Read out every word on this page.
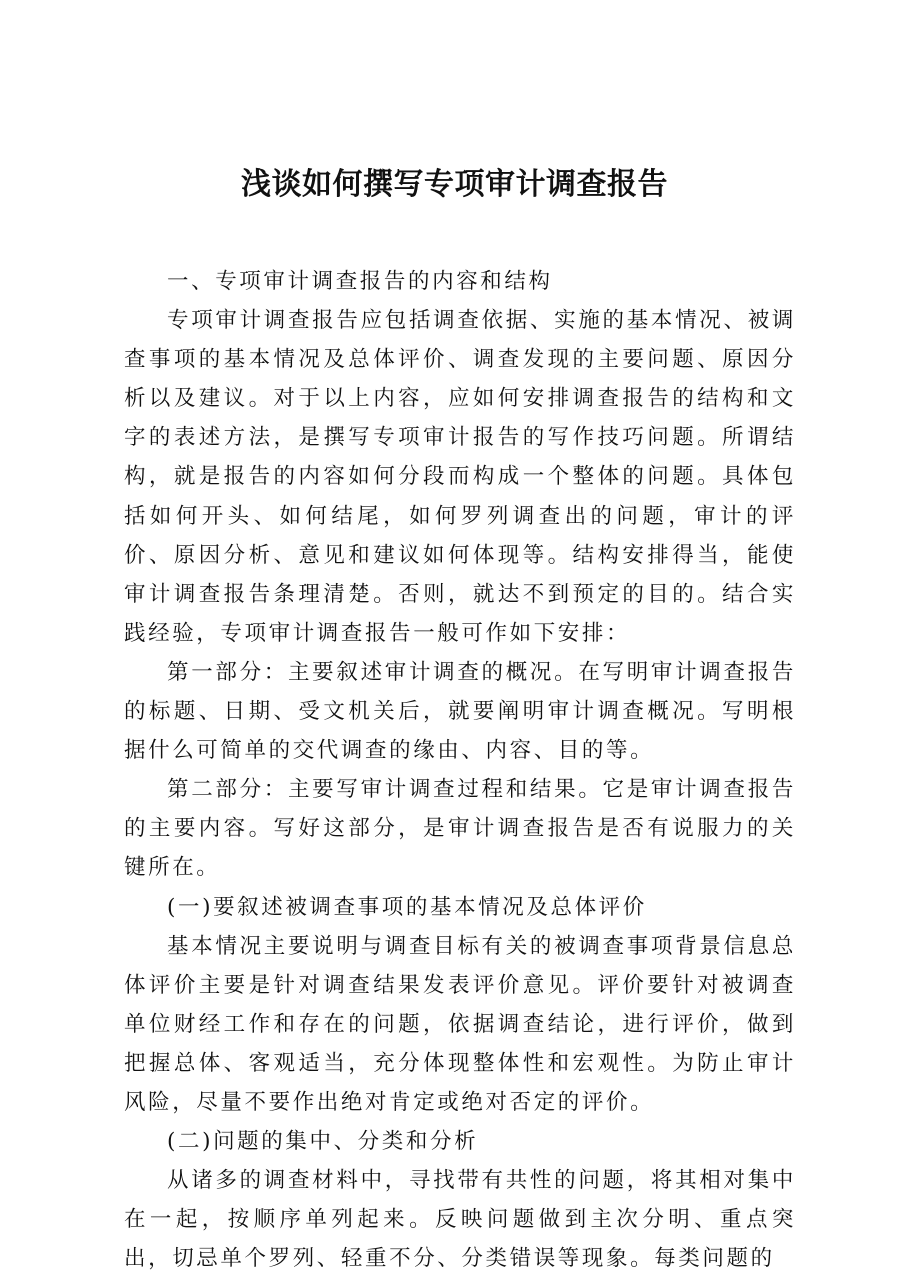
浅谈如何撰写专项审计调查报告

一、专项审计调查报告的内容和结构

专项审计调查报告应包括调查依据、实施的基本情况、被调查事项的基本情况及总体评价、调查发现的主要问题、原因分析以及建议。对于以上内容，应如何安排调查报告的结构和文字的表述方法，是撰写专项审计报告的写作技巧问题。所谓结构，就是报告的内容如何分段而构成一个整体的问题。具体包括如何开头、如何结尾，如何罗列调查出的问题，审计的评价、原因分析、意见和建议如何体现等。结构安排得当，能使审计调查报告条理清楚。否则，就达不到预定的目的。结合实践经验，专项审计调查报告一般可作如下安排：

第一部分：主要叙述审计调查的概况。在写明审计调查报告的标题、日期、受文机关后，就要阐明审计调查概况。写明根据什么可简单的交代调查的缘由、内容、目的等。

第二部分：主要写审计调查过程和结果。它是审计调查报告的主要内容。写好这部分，是审计调查报告是否有说服力的关键所在。

(一)要叙述被调查事项的基本情况及总体评价

基本情况主要说明与调查目标有关的被调查事项背景信息总体评价主要是针对调查结果发表评价意见。评价要针对被调查单位财经工作和存在的问题，依据调查结论，进行评价，做到把握总体、客观适当，充分体现整体性和宏观性。为防止审计风险，尽量不要作出绝对肯定或绝对否定的评价。

(二)问题的集中、分类和分析

从诸多的调查材料中，寻找带有共性的问题，将其相对集中在一起，按顺序单列起来。反映问题做到主次分明、重点突出，切忌单个罗列、轻重不分、分类错误等现象。每类问题的
